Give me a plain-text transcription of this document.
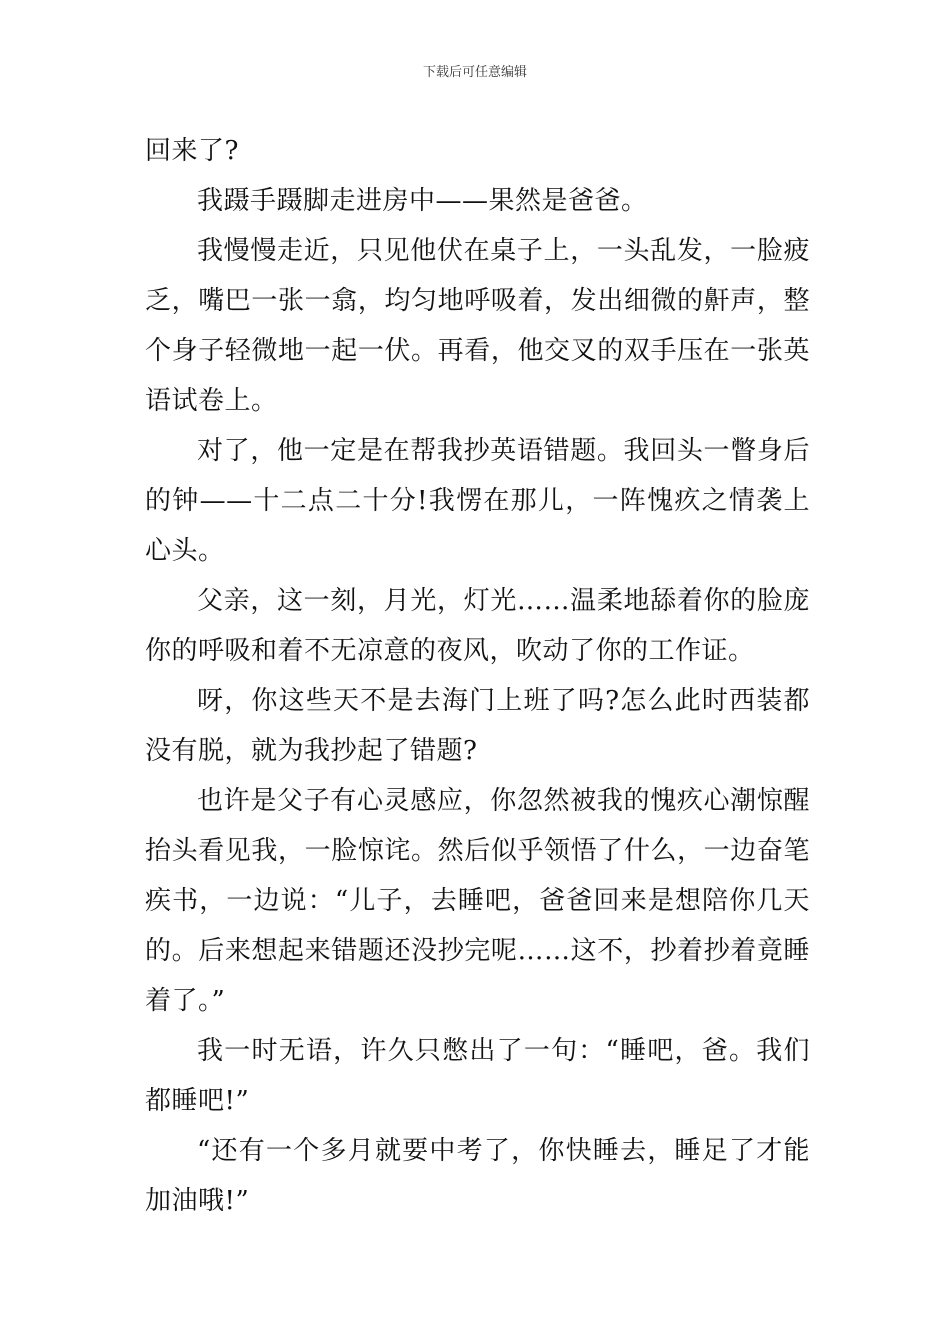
下载后可任意编辑

回来了?

我蹑手蹑脚走进房中——果然是爸爸。

我慢慢走近，只见他伏在桌子上，一头乱发，一脸疲乏，嘴巴一张一翕，均匀地呼吸着，发出细微的鼾声，整个身子轻微地一起一伏。再看，他交叉的双手压在一张英语试卷上。

对了，他一定是在帮我抄英语错题。我回头一瞥身后的钟——十二点二十分!我愣在那儿，一阵愧疚之情袭上心头。

父亲，这一刻，月光，灯光……温柔地舔着你的脸庞你的呼吸和着不无凉意的夜风，吹动了你的工作证。

呀，你这些天不是去海门上班了吗?怎么此时西装都没有脱，就为我抄起了错题?

也许是父子有心灵感应，你忽然被我的愧疚心潮惊醒抬头看见我，一脸惊诧。然后似乎领悟了什么，一边奋笔疾书，一边说：“儿子，去睡吧，爸爸回来是想陪你几天的。后来想起来错题还没抄完呢……这不，抄着抄着竟睡着了。”

我一时无语，许久只憋出了一句：“睡吧，爸。我们都睡吧!”

“还有一个多月就要中考了，你快睡去，睡足了才能加油哦!”
